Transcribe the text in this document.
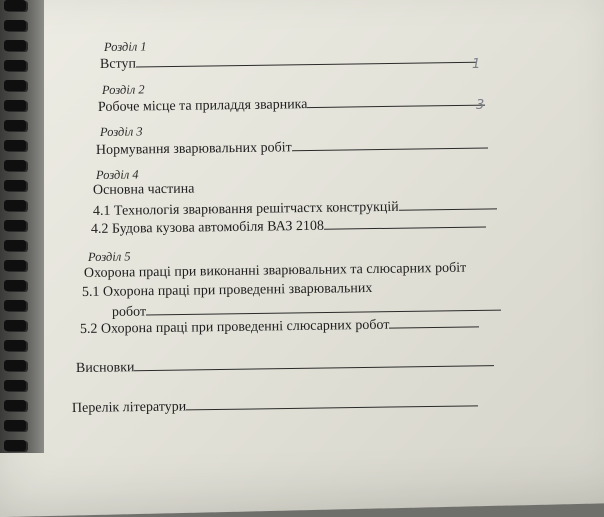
Розділ 1
Вступ	1
Розділ 2
Робоче місце та приладдя зварника	3
Розділ 3
Нормування зварювальних робіт
Розділ 4
Основна частина
4.1 Технологія зварювання решітчастх конструкцій
4.2 Будова кузова автомобіля ВАЗ 2108
Розділ 5
Охорона праці при виконанні зварювальних та слюсарних робіт
5.1 Охорона праці при проведенні зварювальних
робот
5.2 Охорона праці при проведенні слюсарних робот
Висновки
Перелік літератури
